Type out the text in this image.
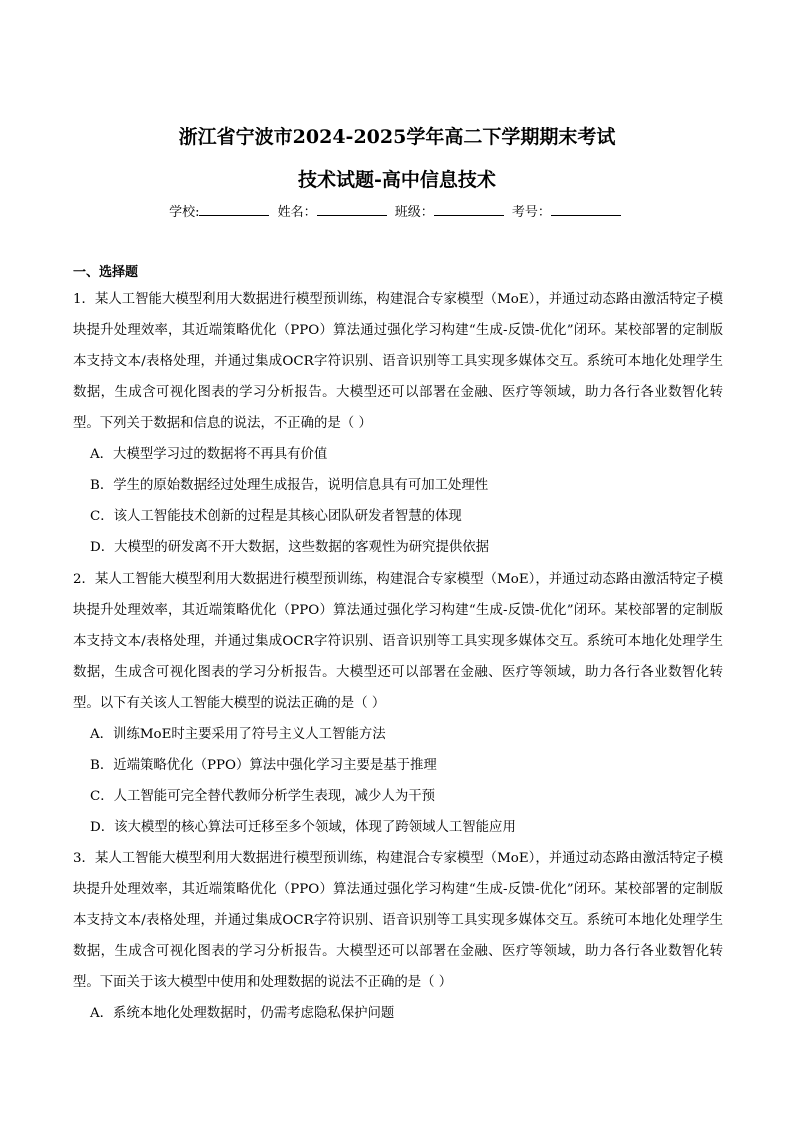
浙江省宁波市2024-2025学年高二下学期期末考试
技术试题-高中信息技术
学校:	姓名：	班级：	考号：
一、选择题
1．某人工智能大模型利用大数据进行模型预训练，构建混合专家模型（MoE），并通过动态路由激活特定子模块提升处理效率，其近端策略优化（PPO）算法通过强化学习构建“生成-反馈-优化”闭环。某校部署的定制版本支持文本/表格处理，并通过集成OCR字符识别、语音识别等工具实现多媒体交互。系统可本地化处理学生数据，生成含可视化图表的学习分析报告。大模型还可以部署在金融、医疗等领域，助力各行各业数智化转型。下列关于数据和信息的说法，不正确的是（ ）
A．大模型学习过的数据将不再具有价值
B．学生的原始数据经过处理生成报告，说明信息具有可加工处理性
C．该人工智能技术创新的过程是其核心团队研发者智慧的体现
D．大模型的研发离不开大数据，这些数据的客观性为研究提供依据
2．某人工智能大模型利用大数据进行模型预训练，构建混合专家模型（MoE），并通过动态路由激活特定子模块提升处理效率，其近端策略优化（PPO）算法通过强化学习构建“生成-反馈-优化”闭环。某校部署的定制版本支持文本/表格处理，并通过集成OCR字符识别、语音识别等工具实现多媒体交互。系统可本地化处理学生数据，生成含可视化图表的学习分析报告。大模型还可以部署在金融、医疗等领域，助力各行各业数智化转型。以下有关该人工智能大模型的说法正确的是（ ）
A．训练MoE时主要采用了符号主义人工智能方法
B．近端策略优化（PPO）算法中强化学习主要是基于推理
C．人工智能可完全替代教师分析学生表现，减少人为干预
D．该大模型的核心算法可迁移至多个领域，体现了跨领域人工智能应用
3．某人工智能大模型利用大数据进行模型预训练，构建混合专家模型（MoE），并通过动态路由激活特定子模块提升处理效率，其近端策略优化（PPO）算法通过强化学习构建“生成-反馈-优化”闭环。某校部署的定制版本支持文本/表格处理，并通过集成OCR字符识别、语音识别等工具实现多媒体交互。系统可本地化处理学生数据，生成含可视化图表的学习分析报告。大模型还可以部署在金融、医疗等领域，助力各行各业数智化转型。下面关于该大模型中使用和处理数据的说法不正确的是（ ）
A．系统本地化处理数据时，仍需考虑隐私保护问题
